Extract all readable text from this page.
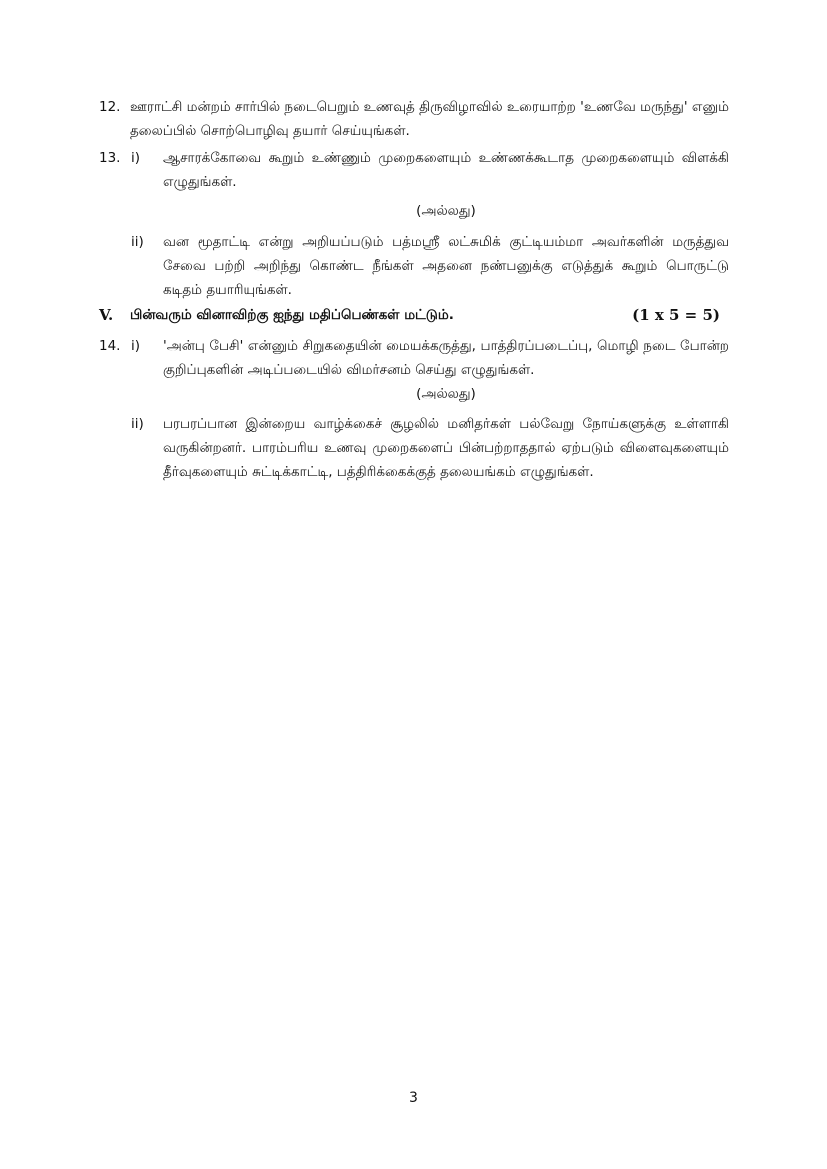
12. ஊராட்சி மன்றம் சார்பில் நடைபெறும் உணவுத் திருவிழாவில் உரையாற்ற 'உணவே மருந்து' எனும் தலைப்பில் சொற்பொழிவு தயார் செய்யுங்கள்.
13. i) ஆசாரக்கோவை கூறும் உண்ணும் முறைகளையும் உண்ணக்கூடாத முறைகளையும் விளக்கி எழுதுங்கள்.
(அல்லது)
ii) வன மூதாட்டி என்று அறியப்படும் பத்மஸ்ரீ லட்சுமிக் குட்டியம்மா அவர்களின் மருத்துவ சேவை பற்றி அறிந்து கொண்ட நீங்கள் அதனை நண்பனுக்கு எடுத்துக் கூறும் பொருட்டு கடிதம் தயாரியுங்கள்.
V. பின்வரும் வினாவிற்கு ஐந்து மதிப்பெண்கள் மட்டும்.	(1 x 5 = 5)
14. i) 'அன்பு பேசி' என்னும் சிறுகதையின் மையக்கருத்து, பாத்திரப்படைப்பு, மொழி நடை போன்ற குறிப்புகளின் அடிப்படையில் விமர்சனம் செய்து எழுதுங்கள்.
(அல்லது)
ii) பரபரப்பான இன்றைய வாழ்க்கைச் சூழலில் மனிதர்கள் பல்வேறு நோய்களுக்கு உள்ளாகி வருகின்றனர். பாரம்பரிய உணவு முறைகளைப் பின்பற்றாததால் ஏற்படும் விளைவுகளையும் தீர்வுகளையும் சுட்டிக்காட்டி, பத்திரிக்கைக்குத் தலையங்கம் எழுதுங்கள்.
3
